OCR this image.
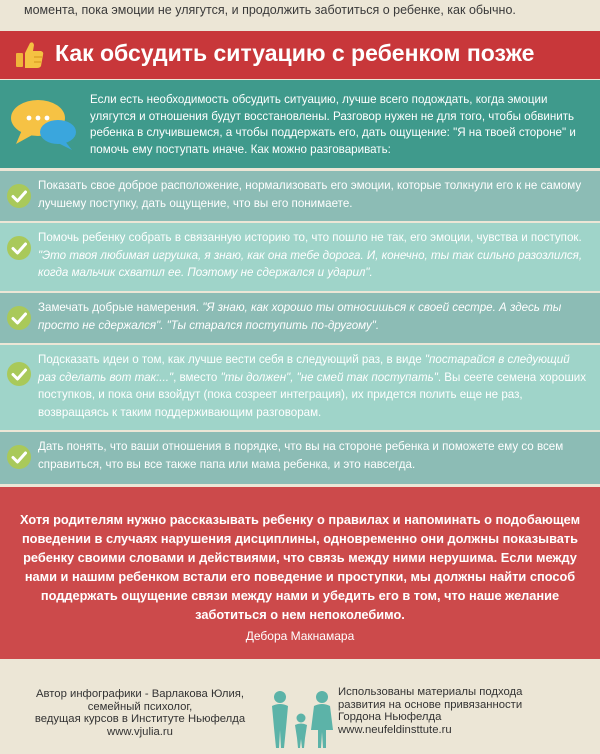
момента, пока эмоции не улягутся, и продолжить заботиться о ребенке, как обычно.
Как обсудить ситуацию с ребенком позже
Если есть необходимость обсудить ситуацию, лучше всего подождать, когда эмоции улягутся и отношения будут восстановлены. Разговор нужен не для того, чтобы обвинить ребенка в случившемся, а чтобы поддержать его, дать ощущение: "Я на твоей стороне" и помочь ему поступать иначе. Как можно разговаривать:
Показать свое доброе расположение, нормализовать его эмоции, которые толкнули его к не самому лучшему поступку, дать ощущение, что вы его понимаете.
Помочь ребенку собрать в связанную историю то, что пошло не так, его эмоции, чувства и поступок. "Это твоя любимая игрушка, я знаю, как она тебе дорога. И, конечно, ты так сильно разозлился, когда мальчик схватил ее. Поэтому не сдержался и ударил".
Замечать добрые намерения. "Я знаю, как хорошо ты относишься к своей сестре. А здесь ты просто не сдержался". "Ты старался поступить по-другому".
Подсказать идеи о том, как лучше вести себя в следующий раз, в виде "постарайся в следующий раз сделать вот так:...", вместо "ты должен", "не смей так поступать". Вы сеете семена хороших поступков, и пока они взойдут (пока созреет интеграция), их придется полить еще не раз, возвращаясь к таким поддерживающим разговорам.
Дать понять, что ваши отношения в порядке, что вы на стороне ребенка и поможете ему со всем справиться, что вы все также папа или мама ребенка, и это навсегда.
Хотя родителям нужно рассказывать ребенку о правилах и напоминать о подобающем поведении в случаях нарушения дисциплины, одновременно они должны показывать ребенку своими словами и действиями, что связь между ними нерушима. Если между нами и нашим ребенком встали его поведение и проступки, мы должны найти способ поддержать ощущение связи между нами и убедить его в том, что наше желание заботиться о нем непоколебимо.
Дебора Макнамара
Автор инфографики - Варлакова Юлия,
семейный психолог,
ведущая курсов в Институте Ньюфелда
www.vjulia.ru
Использованы материалы подхода
развития на основе привязанности
Гордона Ньюфелда
www.neufeldinsttute.ru
